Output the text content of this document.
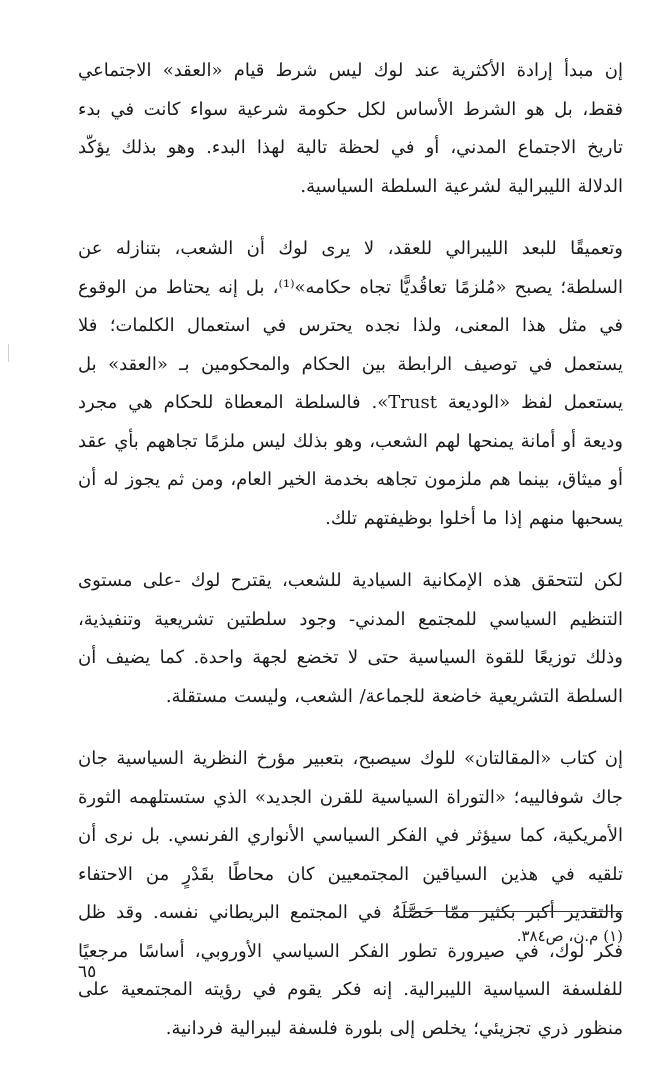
إن مبدأ إرادة الأكثرية عند لوك ليس شرط قيام «العقد» الاجتماعي فقط، بل هو الشرط الأساس لكل حكومة شرعية سواء كانت في بدء تاريخ الاجتماع المدني، أو في لحظة تالية لهذا البدء. وهو بذلك يؤكّد الدلالة الليبرالية لشرعية السلطة السياسية.

وتعميقًا للبعد الليبرالي للعقد، لا يرى لوك أن الشعب، بتنازله عن السلطة؛ يصبح «مُلزمًا تعاقُديًّا تجاه حكامه»⁽¹⁾، بل إنه يحتاط من الوقوع في مثل هذا المعنى، ولذا نجده يحترس في استعمال الكلمات؛ فلا يستعمل في توصيف الرابطة بين الحكام والمحكومين بـ «العقد» بل يستعمل لفظ «الوديعة Trust». فالسلطة المعطاة للحكام هي مجرد وديعة أو أمانة يمنحها لهم الشعب، وهو بذلك ليس ملزمًا تجاههم بأي عقد أو ميثاق، بينما هم ملزمون تجاهه بخدمة الخير العام، ومن ثم يجوز له أن يسحبها منهم إذا ما أخلوا بوظيفتهم تلك.

لكن لتتحقق هذه الإمكانية السيادية للشعب، يقترح لوك -على مستوى التنظيم السياسي للمجتمع المدني- وجود سلطتين تشريعية وتنفيذية، وذلك توزيعًا للقوة السياسية حتى لا تخضع لجهة واحدة. كما يضيف أن السلطة التشريعية خاضعة للجماعة/ الشعب، وليست مستقلة.

إن كتاب «المقالتان» للوك سيصبح، بتعبير مؤرخ النظرية السياسية جان جاك شوفالييه؛ «التوراة السياسية للقرن الجديد» الذي ستستلهمه الثورة الأمريكية، كما سيؤثر في الفكر السياسي الأنواري الفرنسي. بل نرى أن تلقيه في هذين السياقين المجتمعيين كان محاطًا بقَدْرٍ من الاحتفاء والتقدير أكبر بكثير ممّا حَصَّلَهُ في المجتمع البريطاني نفسه. وقد ظل فكر لوك، في صيرورة تطور الفكر السياسي الأوروبي، أساسًا مرجعيًا للفلسفة السياسية الليبرالية. إنه فكر يقوم في رؤيته المجتمعية على منظور ذري تجزيئي؛ يخلص إلى بلورة فلسفة ليبرالية فردانية.

(١) م.ن، ص٣٨٤.
٦٥
